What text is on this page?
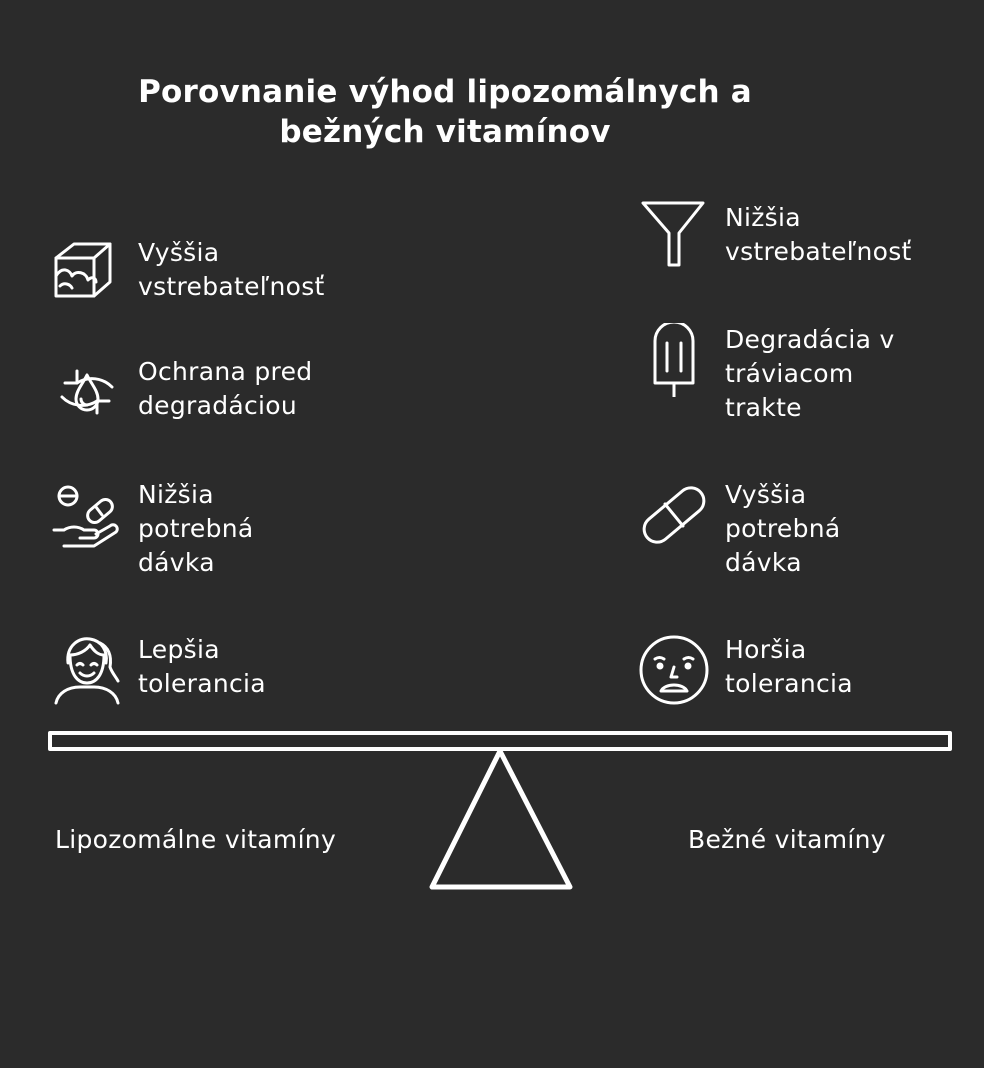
Porovnanie výhod lipozomálnych a
bežných vitamínov
Vyššia
vstrebateľnosť
Ochrana pred
degradáciou
Nižšia
potrebná
dávka
Lepšia
tolerancia
Nižšia
vstrebateľnosť
Degradácia v
tráviacom
trakte
Vyššia
potrebná
dávka
Horšia
tolerancia
Lipozomálne vitamíny	Bežné vitamíny
